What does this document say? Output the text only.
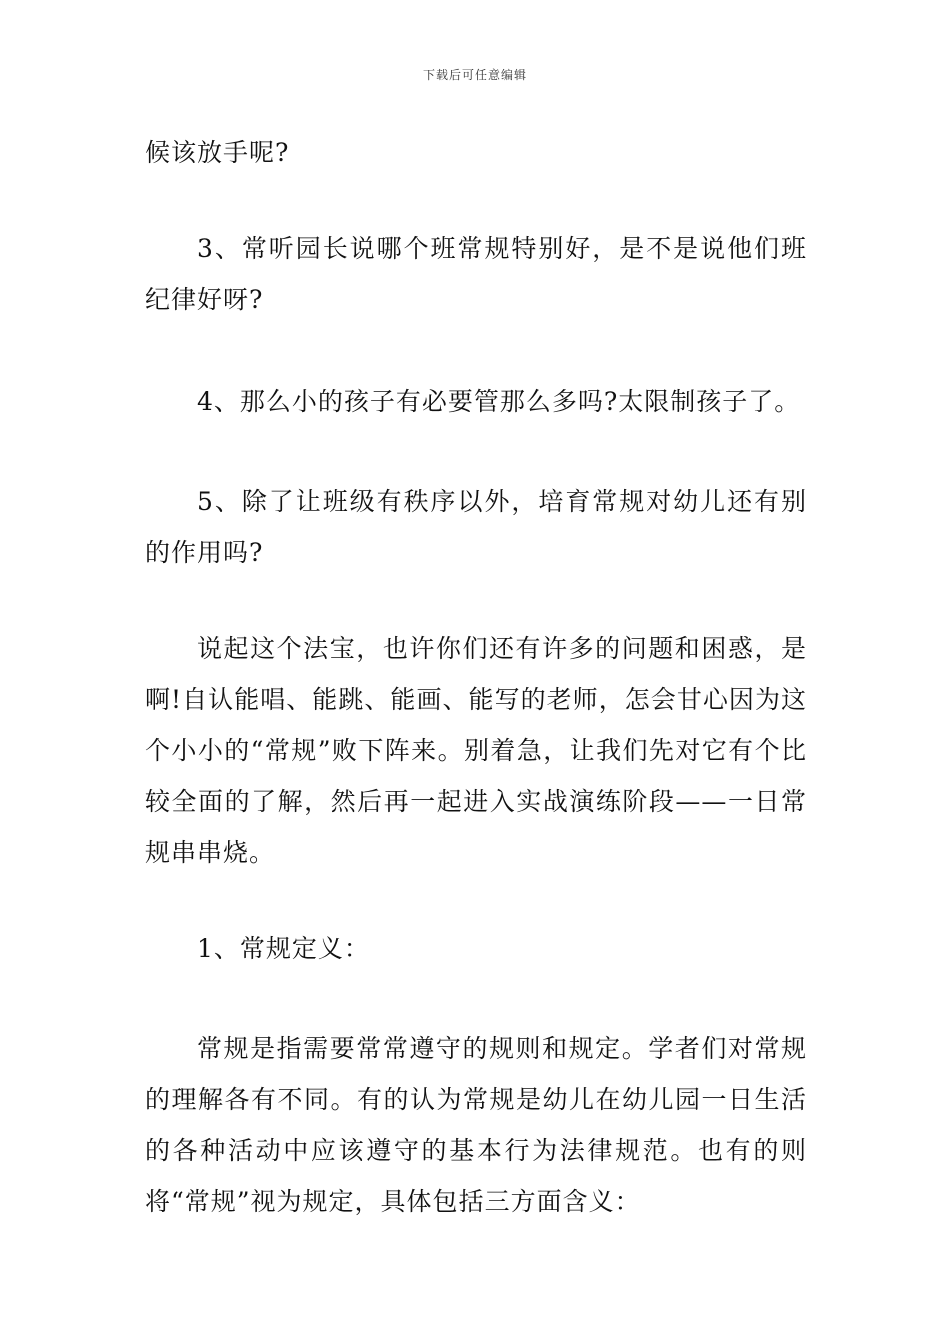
下载后可任意编辑

候该放手呢?

3、常听园长说哪个班常规特别好，是不是说他们班纪律好呀?

4、那么小的孩子有必要管那么多吗?太限制孩子了。

5、除了让班级有秩序以外，培育常规对幼儿还有别的作用吗?

说起这个法宝，也许你们还有许多的问题和困惑，是啊!自认能唱、能跳、能画、能写的老师，怎会甘心因为这个小小的“常规”败下阵来。别着急，让我们先对它有个比较全面的了解，然后再一起进入实战演练阶段——一日常规串串烧。

1、常规定义：

常规是指需要常常遵守的规则和规定。学者们对常规的理解各有不同。有的认为常规是幼儿在幼儿园一日生活的各种活动中应该遵守的基本行为法律规范。也有的则将“常规”视为规定，具体包括三方面含义：
